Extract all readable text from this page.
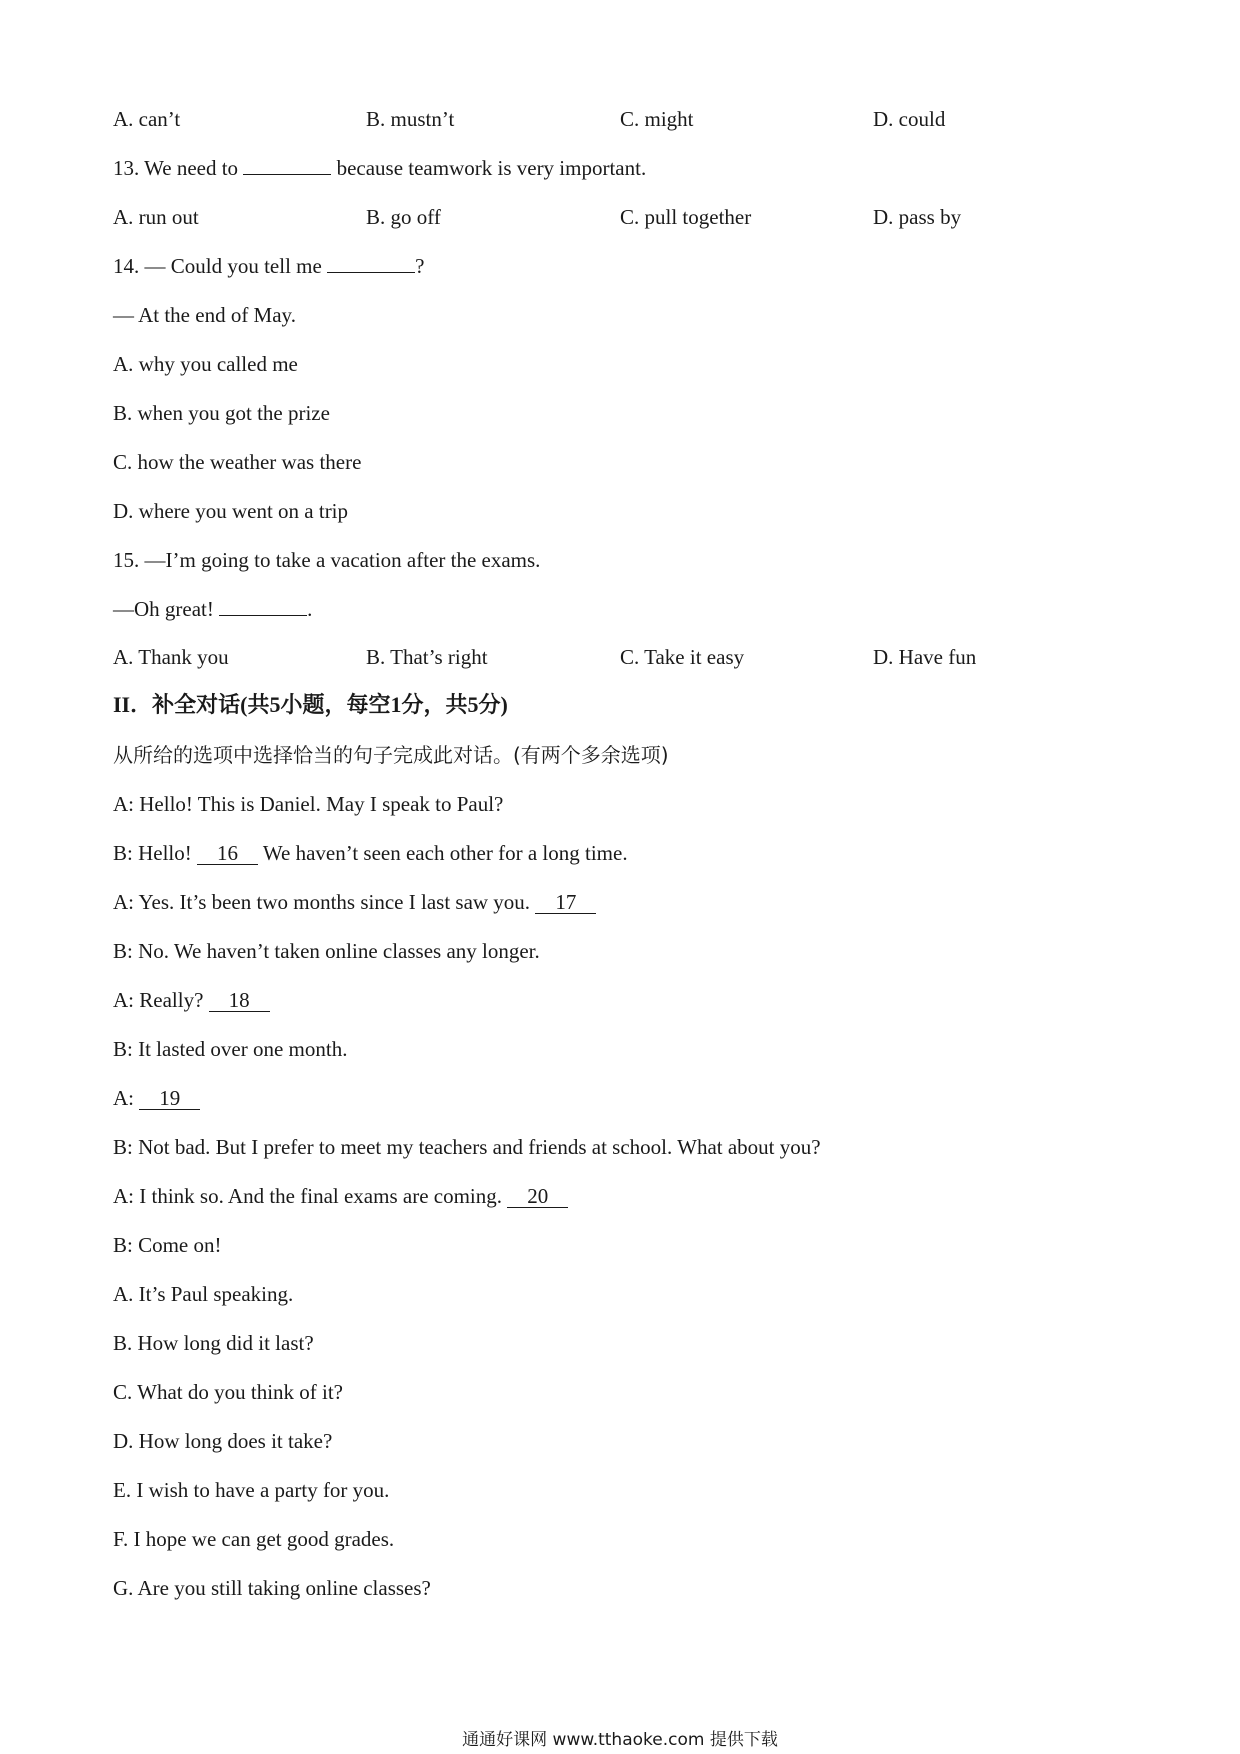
A. can’t	B. mustn’t	C. might	D. could
13. We need to	because teamwork is very important.
A. run out	B. go off	C. pull together	D. pass by
14. — Could you tell me	?
— At the end of May.
A. why you called me
B. when you got the prize
C. how the weather was there
D. where you went on a trip
15. —I’m going to take a vacation after the exams.
—Oh great!	.
A. Thank you	B. That’s right	C. Take it easy	D. Have fun
II．补全对话(共5小题，每空1分，共5分)
从所给的选项中选择恰当的句子完成此对话。(有两个多余选项)
A: Hello! This is Daniel. May I speak to Paul?
B: Hello! 16 We haven’t seen each other for a long time.
A: Yes. It’s been two months since I last saw you. 17
B: No. We haven’t taken online classes any longer.
A: Really? 18
B: It lasted over one month.
A: 19
B: Not bad. But I prefer to meet my teachers and friends at school. What about you?
A: I think so. And the final exams are coming. 20
B: Come on!
A. It’s Paul speaking.
B. How long did it last?
C. What do you think of it?
D. How long does it take?
E. I wish to have a party for you.
F. I hope we can get good grades.
G. Are you still taking online classes?
通通好课网 www.tthaoke.com 提供下载
